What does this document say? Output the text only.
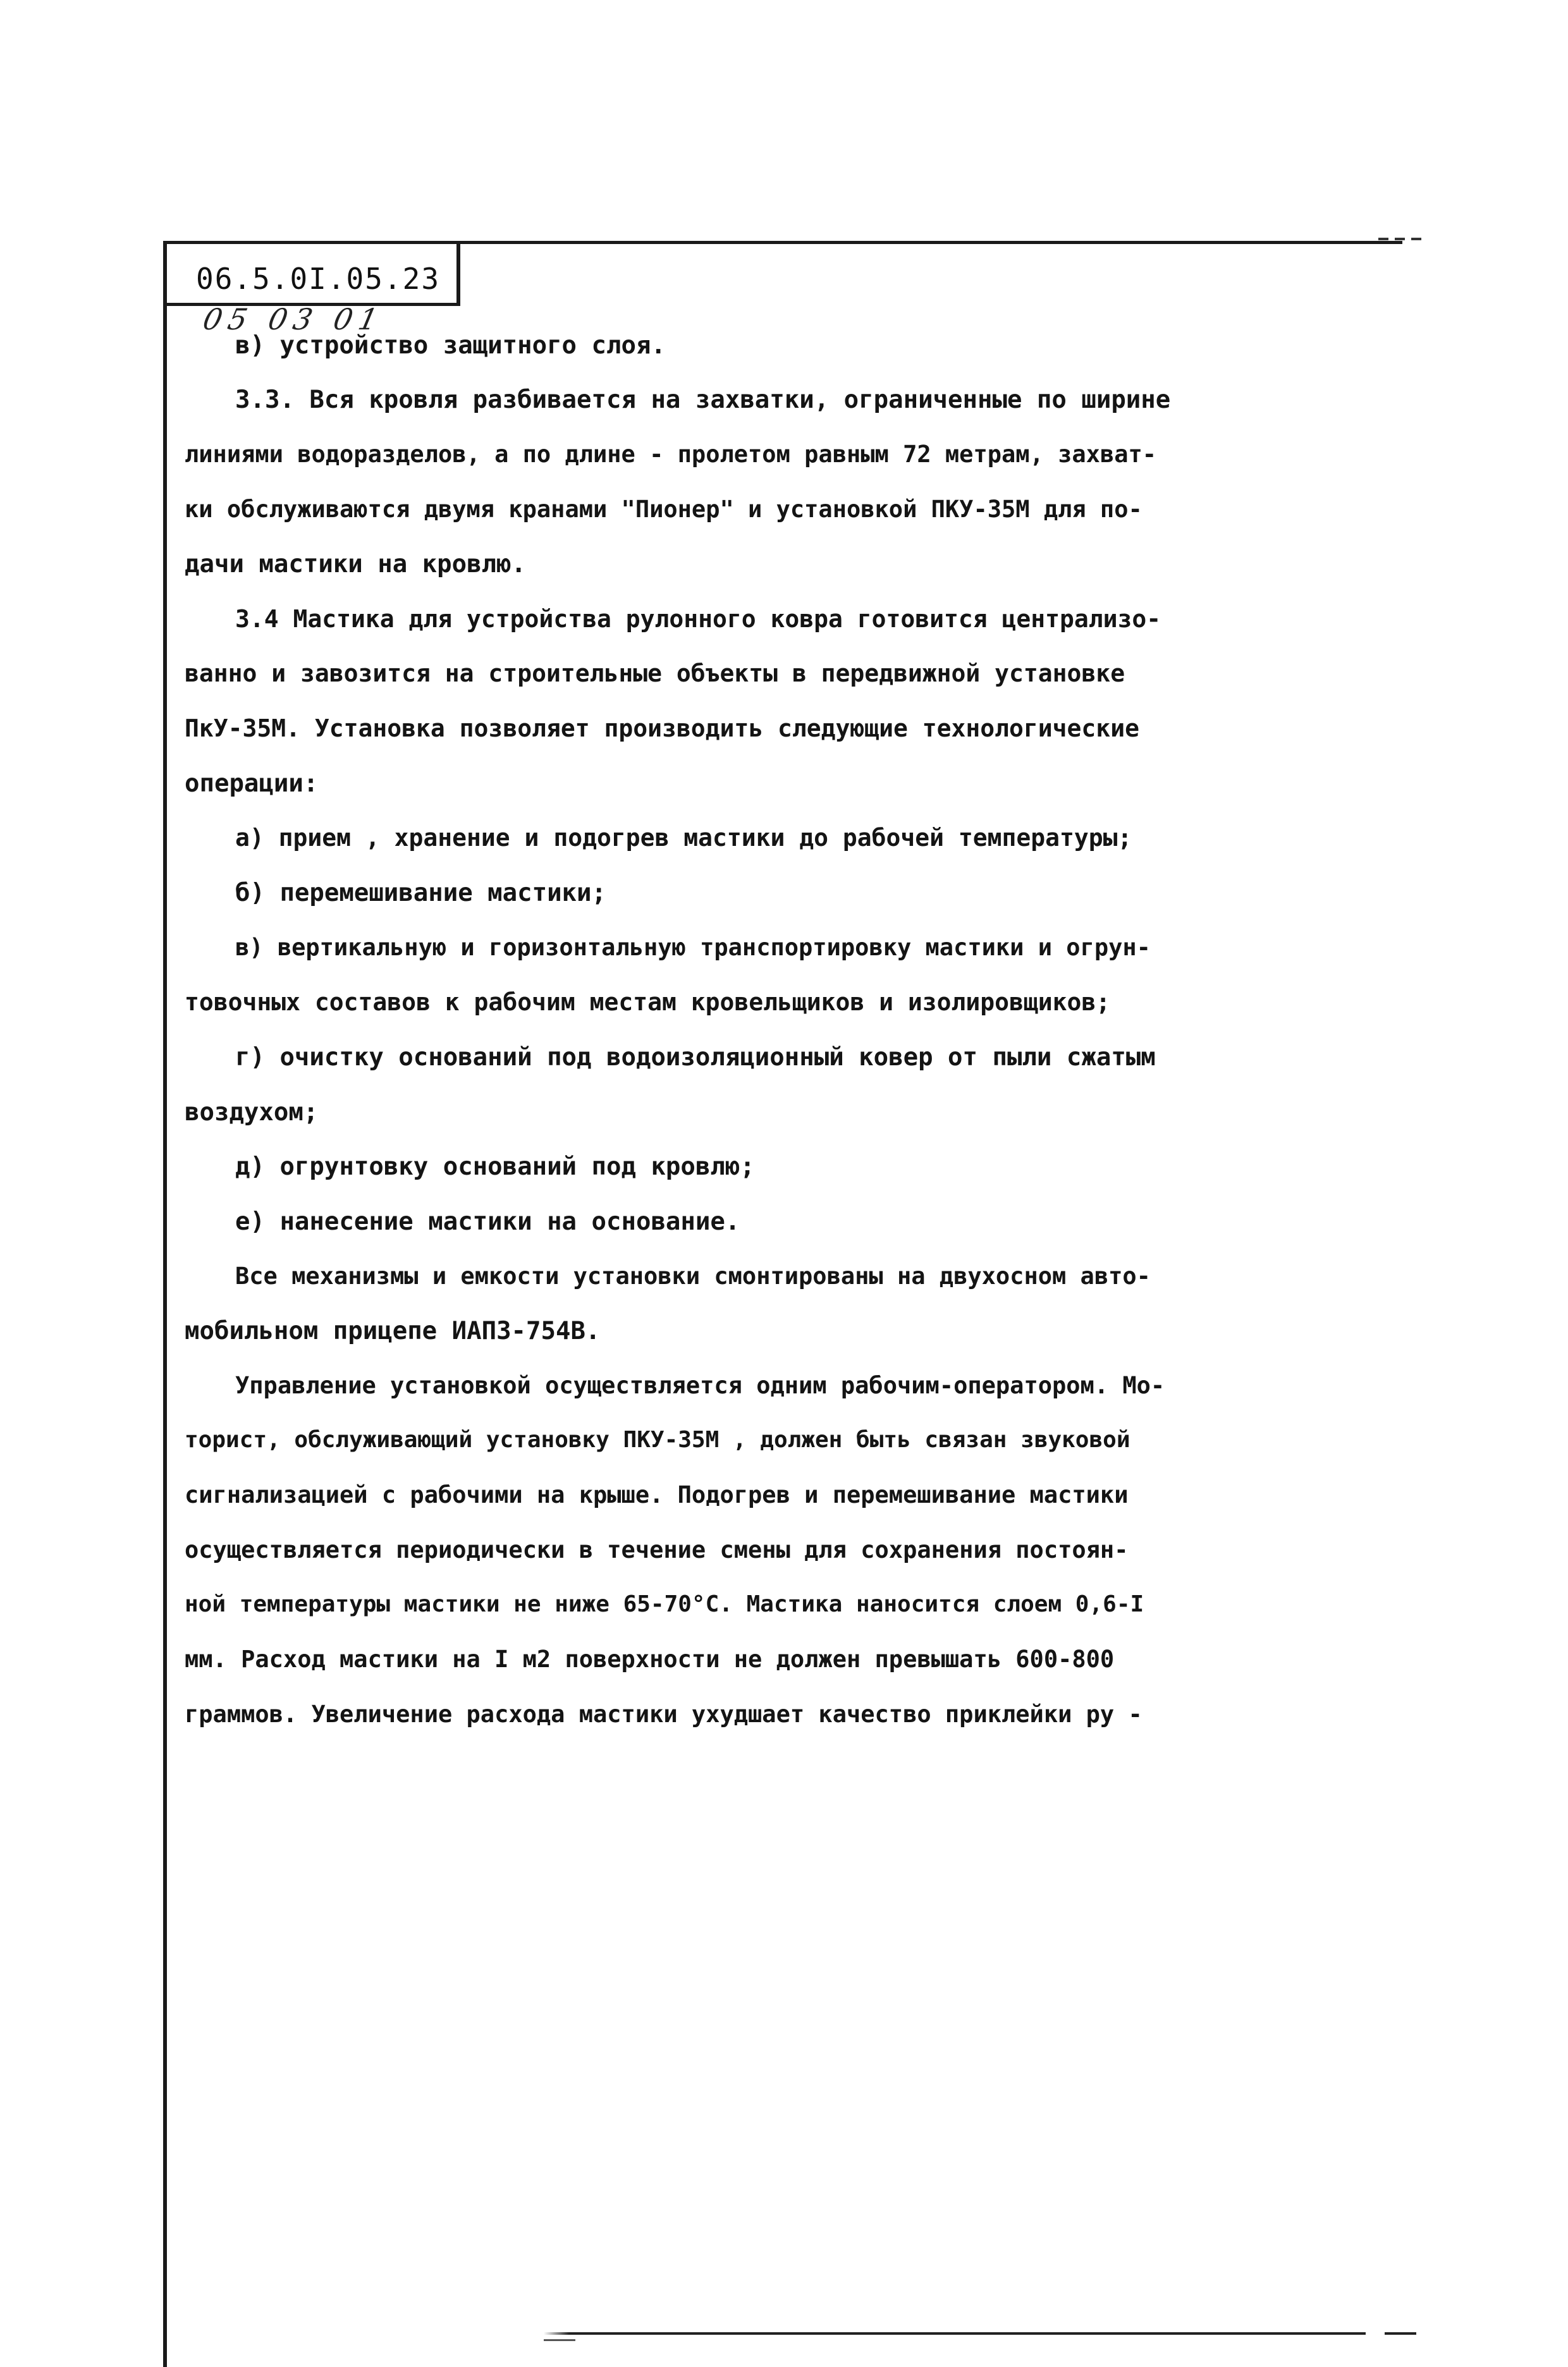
06.5.0I.05.23
05 03 01
в) устройство защитного слоя.
3.3. Вся кровля разбивается на захватки, ограниченные по ширине
линиями водоразделов, а по длине - пролетом равным 72 метрам, захват-
ки обслуживаются двумя кранами "Пионер" и установкой ПКУ-35М для по-
дачи мастики на кровлю.
3.4 Мастика для устройства рулонного ковра готовится централизо-
ванно и завозится на строительные объекты в передвижной установке
ПкУ-35М. Установка позволяет производить следующие технологические
операции:
а) прием , хранение и подогрев мастики до рабочей температуры;
б) перемешивание мастики;
в) вертикальную и горизонтальную транспортировку мастики и огрун-
товочных составов к рабочим местам кровельщиков и изолировщиков;
г) очистку оснований под водоизоляционный ковер от пыли сжатым
воздухом;
д) огрунтовку оснований под кровлю;
е) нанесение мастики на основание.
Все механизмы и емкости установки смонтированы на двухосном авто-
мобильном прицепе ИАПЗ-754В.
Управление установкой осуществляется одним рабочим-оператором. Мо-
торист, обслуживающий установку ПКУ-35М , должен быть связан звуковой
сигнализацией с рабочими на крыше. Подогрев и перемешивание мастики
осуществляется периодически в течение смены для сохранения постоян-
ной температуры мастики не ниже 65-70°С. Мастика наносится слоем 0,6-I
мм. Расход мастики на I м2 поверхности не должен превышать 600-800
граммов. Увеличение расхода мастики ухудшает качество приклейки ру -
